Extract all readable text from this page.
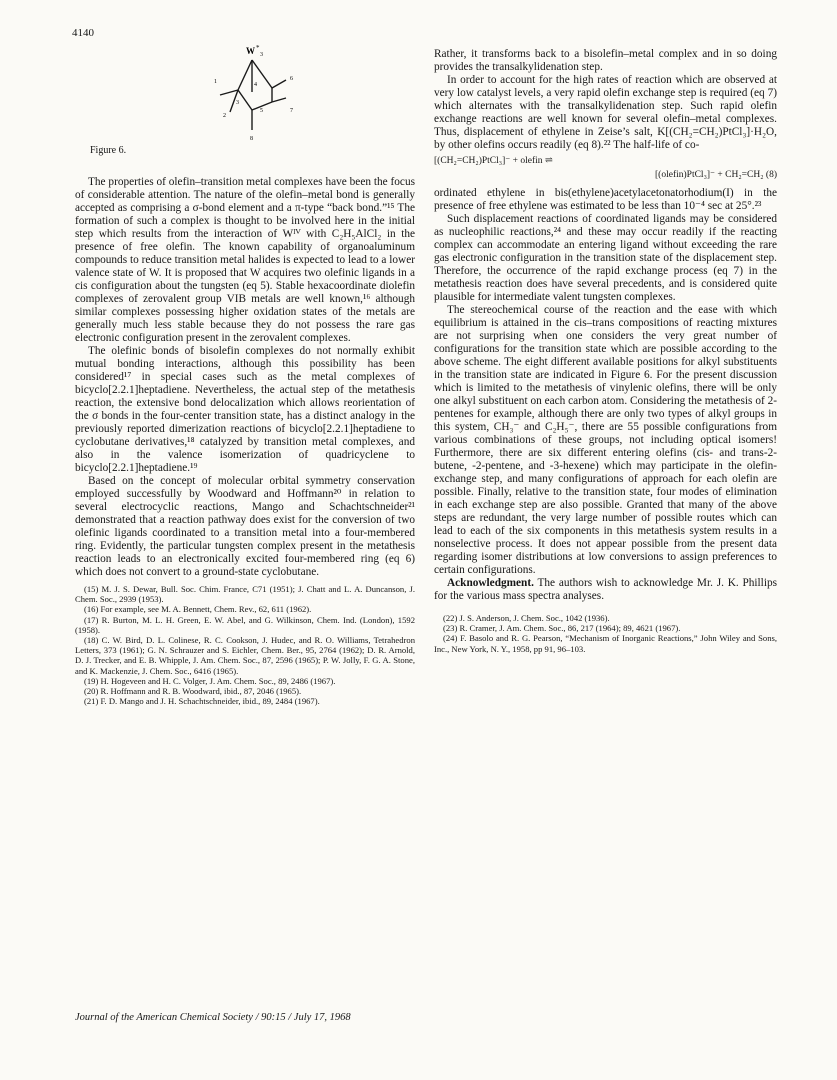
4140
W *
3
1
2
3
4
5
6
7
8
Figure 6.

The properties of olefin–transition metal complexes have been the focus of considerable attention. The nature of the olefin–metal bond is generally accepted as comprising a σ-bond element and a π-type “back bond.”¹⁵ The formation of such a complex is thought to be involved here in the initial step which results from the interaction of Wᴵⱽ with C₂H₅AlCl₂ in the presence of free olefin. The known capability of organoaluminum compounds to reduce transition metal halides is expected to lead to a lower valence state of W. It is proposed that W acquires two olefinic ligands in a cis configuration about the tungsten (eq 5). Stable hexacoordinate diolefin complexes of zerovalent group VIB metals are well known,¹⁶ although similar complexes possessing higher oxidation states of the metals are generally much less stable because they do not possess the rare gas electronic configuration present in the zerovalent complexes.

The olefinic bonds of bisolefin complexes do not normally exhibit mutual bonding interactions, although this possibility has been considered¹⁷ in special cases such as the metal complexes of bicyclo[2.2.1]heptadiene. Nevertheless, the actual step of the metathesis reaction, the extensive bond delocalization which allows reorientation of the σ bonds in the four-center transition state, has a distinct analogy in the previously reported dimerization reactions of bicyclo[2.2.1]heptadiene to cyclobutane derivatives,¹⁸ catalyzed by transition metal complexes, and also in the valence isomerization of quadricyclene to bicyclo[2.2.1]heptadiene.¹⁹

Based on the concept of molecular orbital symmetry conservation employed successfully by Woodward and Hoffmann²⁰ in relation to several electrocyclic reactions, Mango and Schachtschneider²¹ demonstrated that a reaction pathway does exist for the conversion of two olefinic ligands coordinated to a transition metal into a four-membered ring. Evidently, the particular tungsten complex present in the metathesis reaction leads to an electronically excited four-membered ring (eq 6) which does not convert to a ground-state cyclobutane.

(15) M. J. S. Dewar, Bull. Soc. Chim. France, C71 (1951); J. Chatt and L. A. Duncanson, J. Chem. Soc., 2939 (1953).

(16) For example, see M. A. Bennett, Chem. Rev., 62, 611 (1962).

(17) R. Burton, M. L. H. Green, E. W. Abel, and G. Wilkinson, Chem. Ind. (London), 1592 (1958).

(18) C. W. Bird, D. L. Colinese, R. C. Cookson, J. Hudec, and R. O. Williams, Tetrahedron Letters, 373 (1961); G. N. Schrauzer and S. Eichler, Chem. Ber., 95, 2764 (1962); D. R. Arnold, D. J. Trecker, and E. B. Whipple, J. Am. Chem. Soc., 87, 2596 (1965); P. W. Jolly, F. G. A. Stone, and K. Mackenzie, J. Chem. Soc., 6416 (1965).

(19) H. Hogeveen and H. C. Volger, J. Am. Chem. Soc., 89, 2486 (1967).

(20) R. Hoffmann and R. B. Woodward, ibid., 87, 2046 (1965).

(21) F. D. Mango and J. H. Schachtschneider, ibid., 89, 2484 (1967).

Rather, it transforms back to a bisolefin–metal complex and in so doing provides the transalkylidenation step.

In order to account for the high rates of reaction which are observed at very low catalyst levels, a very rapid olefin exchange step is required (eq 7) which alternates with the transalkylidenation step. Such rapid olefin exchange reactions are well known for several olefin–metal complexes. Thus, displacement of ethylene in Zeise’s salt, K[(CH₂=CH₂)PtCl₃]·H₂O, by other olefins occurs readily (eq 8).²² The half-life of co-

[(CH₂=CH₂)PtCl₃]⁻ + olefin ⇌
[(olefin)PtCl₃]⁻ + CH₂=CH₂ (8)

ordinated ethylene in bis(ethylene)acetylacetonatorhodium(I) in the presence of free ethylene was estimated to be less than 10⁻⁴ sec at 25°.²³

Such displacement reactions of coordinated ligands may be considered as nucleophilic reactions,²⁴ and these may occur readily if the reacting complex can accommodate an entering ligand without exceeding the rare gas electronic configuration in the transition state of the displacement step. Therefore, the occurrence of the rapid exchange process (eq 7) in the metathesis reaction does have several precedents, and is considered quite plausible for intermediate valent tungsten complexes.

The stereochemical course of the reaction and the ease with which equilibrium is attained in the cis–trans compositions of reacting mixtures are not surprising when one considers the very great number of configurations for the transition state which are possible according to the above scheme. The eight different available positions for alkyl substituents in the transition state are indicated in Figure 6. For the present discussion which is limited to the metathesis of vinylenic olefins, there will be only one alkyl substituent on each carbon atom. Considering the metathesis of 2-pentenes for example, although there are only two types of alkyl groups in this system, CH₃⁻ and C₂H₅⁻, there are 55 possible configurations from various combinations of these groups, not including optical isomers! Furthermore, there are six different entering olefins (cis- and trans-2-butene, -2-pentene, and -3-hexene) which may participate in the olefin-exchange step, and many configurations of approach for each olefin are possible. Finally, relative to the transition state, four modes of elimination in each exchange step are also possible. Granted that many of the above steps are redundant, the very large number of possible routes which can lead to each of the six components in this metathesis system results in a nonselective process. It does not appear possible from the present data regarding isomer distributions at low conversions to assign preferences to certain configurations.

Acknowledgment. The authors wish to acknowledge Mr. J. K. Phillips for the various mass spectra analyses.

(22) J. S. Anderson, J. Chem. Soc., 1042 (1936).

(23) R. Cramer, J. Am. Chem. Soc., 86, 217 (1964); 89, 4621 (1967).

(24) F. Basolo and R. G. Pearson, “Mechanism of Inorganic Reactions,” John Wiley and Sons, Inc., New York, N. Y., 1958, pp 91, 96–103.

Journal of the American Chemical Society / 90:15 / July 17, 1968
